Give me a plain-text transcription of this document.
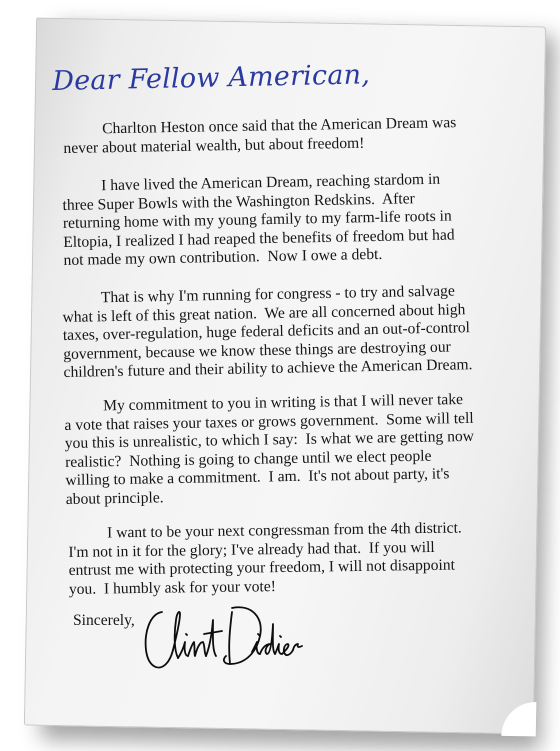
Dear Fellow American,
Charlton Heston once said that the American Dream was
never about material wealth, but about freedom!
I have lived the American Dream, reaching stardom in
three Super Bowls with the Washington Redskins.  After
returning home with my young family to my farm-life roots in
Eltopia, I realized I had reaped the benefits of freedom but had
not made my own contribution.  Now I owe a debt.
That is why I'm running for congress - to try and salvage
what is left of this great nation.  We are all concerned about high
taxes, over-regulation, huge federal deficits and an out-of-control
government, because we know these things are destroying our
children's future and their ability to achieve the American Dream.
My commitment to you in writing is that I will never take
a vote that raises your taxes or grows government.  Some will tell
you this is unrealistic, to which I say:  Is what we are getting now
realistic?  Nothing is going to change until we elect people
willing to make a commitment.  I am.  It's not about party, it's
about principle.
I want to be your next congressman from the 4th district.
I'm not in it for the glory; I've already had that.  If you will
entrust me with protecting your freedom, I will not disappoint
you.  I humbly ask for your vote!
Sincerely,
